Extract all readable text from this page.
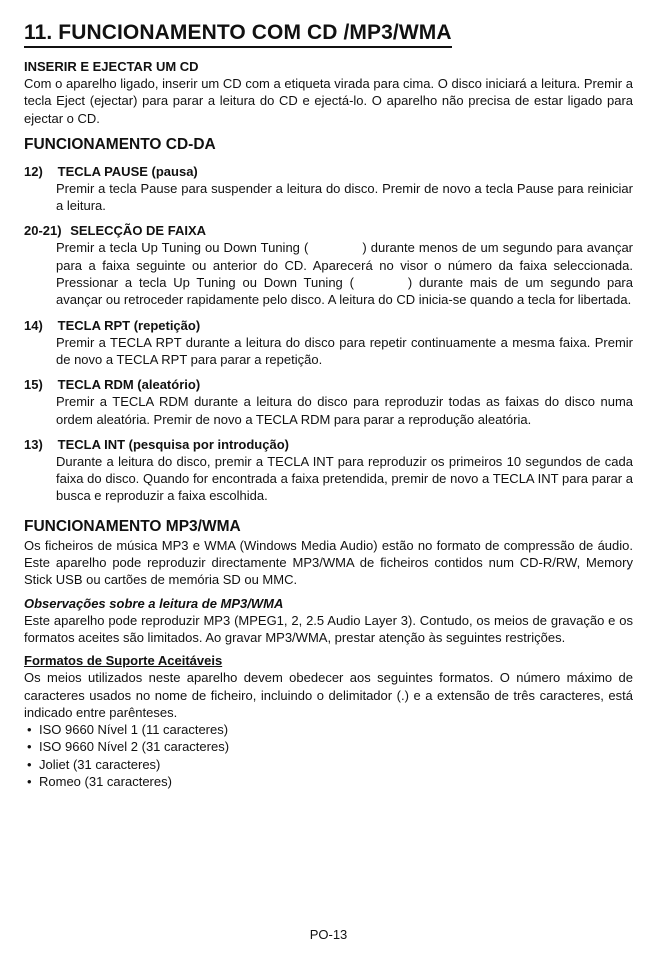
11. FUNCIONAMENTO COM CD /MP3/WMA
INSERIR E EJECTAR UM CD

Com o aparelho ligado, inserir um CD com a etiqueta virada para cima. O disco iniciará a leitura. Premir a tecla Eject (ejectar) para parar a leitura do CD e ejectá-lo. O aparelho não precisa de estar ligado para ejectar o CD.

FUNCIONAMENTO CD-DA
12) TECLA PAUSE (pausa)
Premir a tecla Pause para suspender a leitura do disco. Premir de novo a tecla Pause para reiniciar a leitura.
20-21) SELECÇÃO DE FAIXA
Premir a tecla Up Tuning ou Down Tuning (	) durante menos de um segundo para avançar para a faixa seguinte ou anterior do CD. Aparecerá no visor o número da faixa seleccionada. Pressionar a tecla Up Tuning ou Down Tuning (	) durante mais de um segundo para avançar ou retroceder rapidamente pelo disco. A leitura do CD inicia-se quando a tecla for libertada.
14) TECLA RPT (repetição)
Premir a TECLA RPT durante a leitura do disco para repetir continuamente a mesma faixa. Premir de novo a TECLA RPT para parar a repetição.
15) TECLA RDM (aleatório)
Premir a TECLA RDM durante a leitura do disco para reproduzir todas as faixas do disco numa ordem aleatória. Premir de novo a TECLA RDM para parar a reprodução aleatória.
13) TECLA INT (pesquisa por introdução)
Durante a leitura do disco, premir a TECLA INT para reproduzir os primeiros 10 segundos de cada faixa do disco. Quando for encontrada a faixa pretendida, premir de novo a TECLA INT para parar a busca e reproduzir a faixa escolhida.
FUNCIONAMENTO MP3/WMA

Os ficheiros de música MP3 e WMA (Windows Media Audio) estão no formato de compressão de áudio. Este aparelho pode reproduzir directamente MP3/WMA de ficheiros contidos num CD-R/RW, Memory Stick USB ou cartões de memória SD ou MMC.

Observações sobre a leitura de MP3/WMA

Este aparelho pode reproduzir MP3 (MPEG1, 2, 2.5 Audio Layer 3). Contudo, os meios de gravação e os formatos aceites são limitados. Ao gravar MP3/WMA, prestar atenção às seguintes restrições.

Formatos de Suporte Aceitáveis

Os meios utilizados neste aparelho devem obedecer aos seguintes formatos. O número máximo de caracteres usados no nome de ficheiro, incluindo o delimitador (.) e a extensão de três caracteres, está indicado entre parênteses.

• ISO 9660 Nível 1 (11 caracteres)
• ISO 9660 Nível 2 (31 caracteres)
• Joliet (31 caracteres)
• Romeo (31 caracteres)
PO-13
